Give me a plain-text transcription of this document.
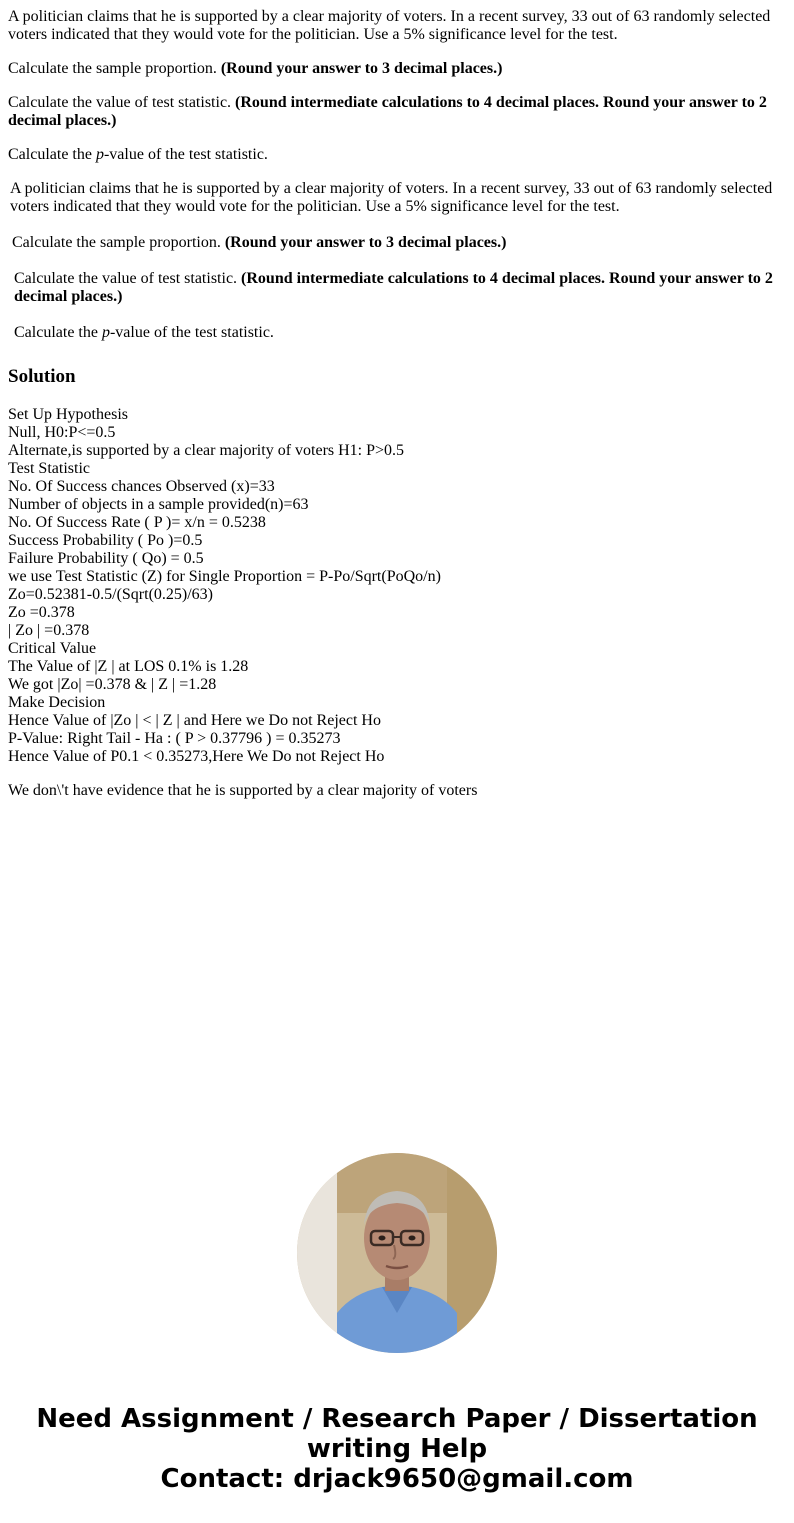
A politician claims that he is supported by a clear majority of voters. In a recent survey, 33 out of 63 randomly selected voters indicated that they would vote for the politician. Use a 5% significance level for the test.

Calculate the sample proportion. (Round your answer to 3 decimal places.)

Calculate the value of test statistic. (Round intermediate calculations to 4 decimal places. Round your answer to 2 decimal places.)

Calculate the p-value of the test statistic.

A politician claims that he is supported by a clear majority of voters. In a recent survey, 33 out of 63 randomly selected voters indicated that they would vote for the politician. Use a 5% significance level for the test.

Calculate the sample proportion. (Round your answer to 3 decimal places.)

Calculate the value of test statistic. (Round intermediate calculations to 4 decimal places. Round your answer to 2 decimal places.)

Calculate the p-value of the test statistic.

Solution
Set Up Hypothesis
Null, H0:P<=0.5
Alternate,is supported by a clear majority of voters H1: P>0.5
Test Statistic
No. Of Success chances Observed (x)=33
Number of objects in a sample provided(n)=63
No. Of Success Rate ( P )= x/n = 0.5238
Success Probability ( Po )=0.5
Failure Probability ( Qo) = 0.5
we use Test Statistic (Z) for Single Proportion = P-Po/Sqrt(PoQo/n)
Zo=0.52381-0.5/(Sqrt(0.25)/63)
Zo =0.378
| Zo | =0.378
Critical Value
The Value of |Z | at LOS 0.1% is 1.28
We got |Zo| =0.378 & | Z | =1.28
Make Decision
Hence Value of |Zo | < | Z | and Here we Do not Reject Ho
P-Value: Right Tail - Ha : ( P > 0.37796 ) = 0.35273
Hence Value of P0.1 < 0.35273,Here We Do not Reject Ho

We don\'t have evidence that he is supported by a clear majority of voters

Need Assignment / Research Paper / Dissertation
writing Help
Contact: drjack9650@gmail.com
